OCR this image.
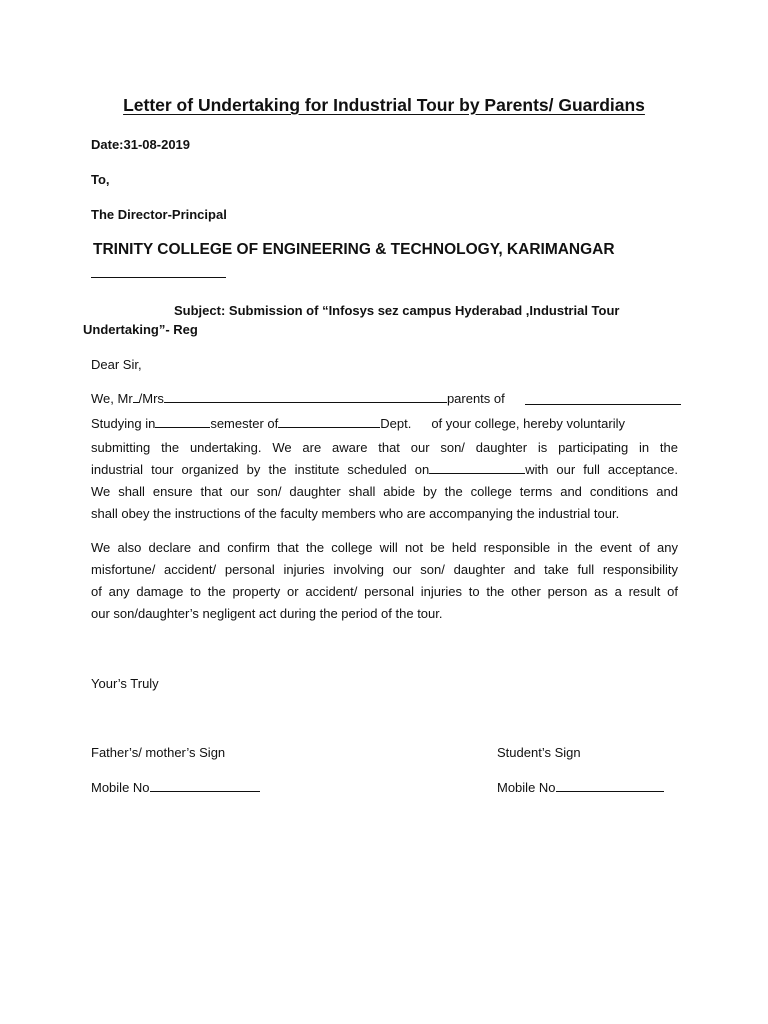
Letter of Undertaking for Industrial Tour by Parents/ Guardians
Date:31-08-2019
To,
The Director-Principal
TRINITY COLLEGE OF ENGINEERING & TECHNOLOGY, KARIMANGAR
Subject: Submission of “Infosys sez campus Hyderabad ,Industrial Tour
Undertaking”- Reg
Dear Sir,
We, Mr /Mrs	parents of
Studying in	semester of	Dept. of your college, hereby voluntarily
submitting the undertaking. We are aware that our son/ daughter is participating in the
industrial tour organized by the institute scheduled on	with our full acceptance.
We shall ensure that our son/ daughter shall abide by the college terms and conditions and
shall obey the instructions of the faculty members who are accompanying the industrial tour.
We also declare and confirm that the college will not be held responsible in the event of any
misfortune/ accident/ personal injuries involving our son/ daughter and take full responsibility
of any damage to the property or accident/ personal injuries to the other person as a result of
our son/daughter’s negligent act during the period of the tour.
Your’s Truly
Father’s/ mother’s Sign	Student’s Sign
Mobile No	Mobile No
